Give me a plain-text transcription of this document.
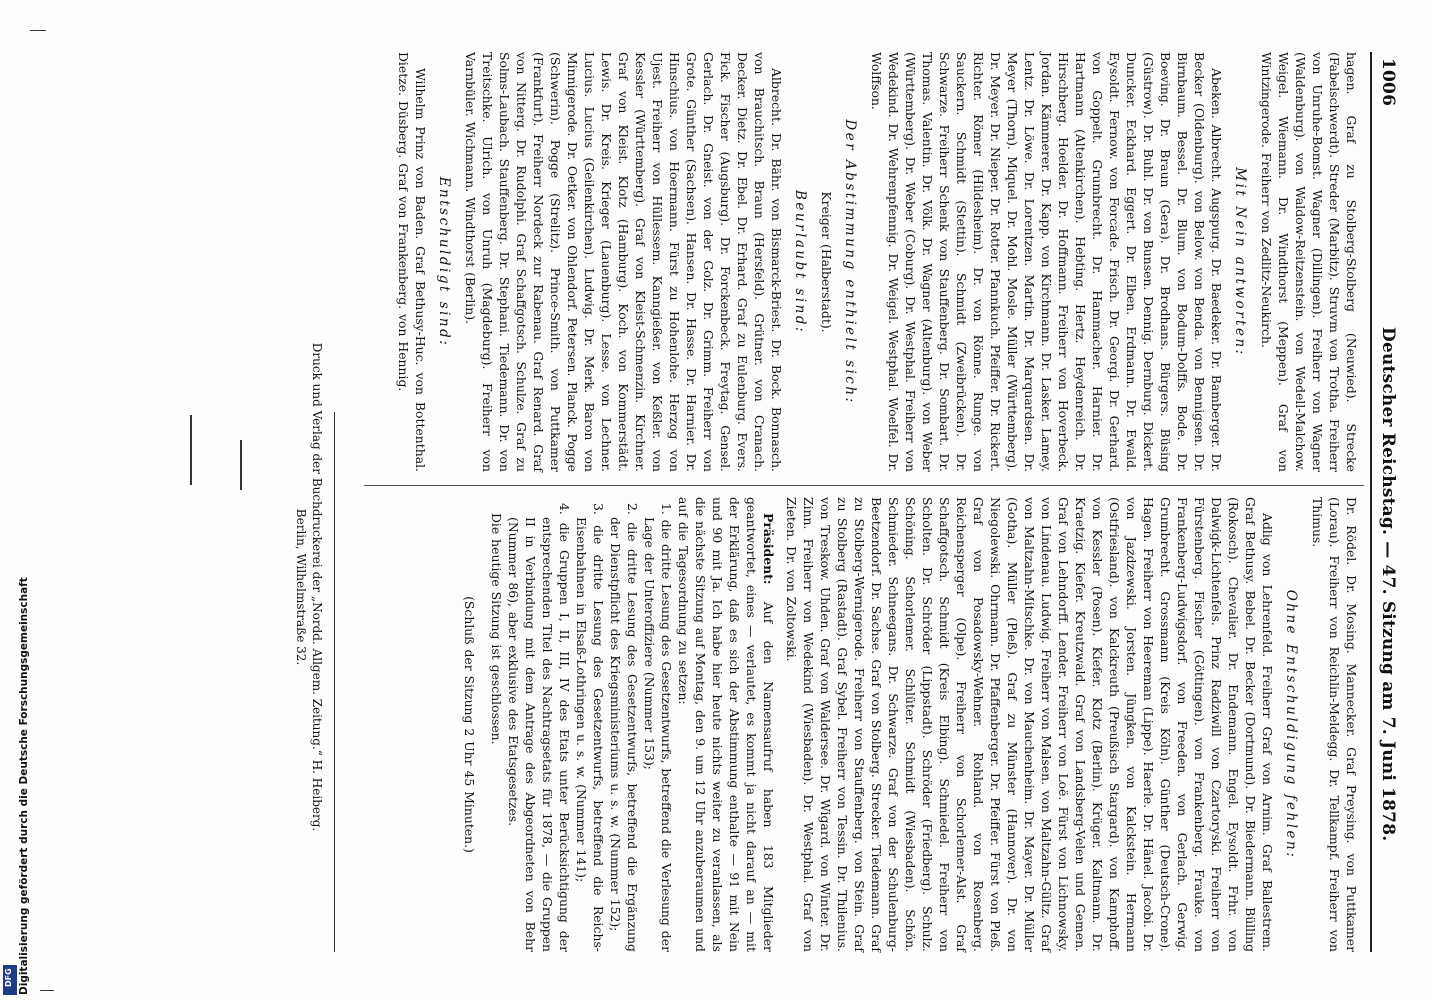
1006
Deutscher Reichstag. — 47. Sitzung am 7. Juni 1878.

hagen. Graf zu Stolberg-Stolberg (Neuwied). Strecke (Fabelschwerdt). Streder (Marbitz). Struvm von Trotha. Freiherr von Unruhe-Bomst. Wagner (Dillingen). Freiherr von Wagner (Waldenburg). von Waldow-Reitzenstein. von Wedell-Malchow. Weigel. Wiemann. Dr. Windthorst (Meppen). Graf von Wintzingerode. Freiherr von Zedlitz-Neukirch.

Mit Nein antworten:

Abeken. Albrecht. Augspurg. Dr. Baedeker. Dr. Bamberger. Dr. Becker (Oldenburg). von Below. von Benda. von Bennigsen. Dr. Birnbaum. Bessel. Dr. Blum. von Bodum-Dolffs. Bode. Dr. Boeving. Dr. Braun (Gera). Dr. Brodhans. Bürgers. Büsing (Güstrow). Dr. Buhl. Dr. von Bunsen. Dennig. Dernburg. Dickert. Duncker. Eckhard. Eggert. Dr. Elben. Erdmann. Dr. Ewald. Eysoldt. Fernow. von Forcade. Frisch. Dr. Georgi. Dr. Gerhard. von Goppelt. Grumbrecht. Dr. Hammacher. Harnier. Dr. Hartmann (Altenkirchen). Hebting. Hertz. Heydenreich. Dr. Hirschberg. Hoelder. Dr. Hoffmann. Freiherr von Hoverbeck. Jordan. Kämmerer. Dr. Kapp. von Kirchmann. Dr. Lasker. Lamey. Lentz. Dr. Löwe. Dr. Lorentzen. Martin. Dr. Marquardsen. Dr. Meyer (Thorn). Miquel. Dr. Mohl. Mosle. Müller (Württemberg). Dr. Meyer. Dr. Nieper. Dr. Rotter. Pfannkuch. Pfeiffer. Dr. Rickert. Richter. Römer (Hildesheim). Dr. von Rönne. Runge. von Sauckern. Schmidt (Stettin). Schmidt (Zweibrücken). Dr. Schwarze. Freiherr Schenk von Stauffenberg. Dr. Sombart. Dr. Thomas. Valentin. Dr. Völk. Dr. Wagner (Altenburg). von Weber (Württemberg). Dr. Weber (Coburg). Dr. Westphal. Freiherr von Wedekind. Dr. Wehrenpfennig. Dr. Weigel. Westphal. Woelfel. Dr. Wolffson.

Der Abstimmung enthielt sich:
Kreiger (Halberstadt).
Beurlaubt sind:

Albrecht. Dr. Bähr. von Bismarck-Briest. Dr. Bock. Bonnasch. von Brauchitsch. Braun (Hersfeld). Grütner. von Cranach. Decker. Dietz. Dr. Ebel. Dr. Erhard. Graf zu Eulenburg. Evers. Fick. Fischer (Augsburg). Dr. Forckenbeck. Freytag. Gensel. Gerlach. Dr. Gneist. von der Golz. Dr. Grimm. Freiherr von Grote. Günther (Sachsen). Hansen. Dr. Hasse. Dr. Harnier. Dr. Hinschius. von Hoermann. Fürst zu Hohenlohe. Herzog von Ujest. Freiherr von Hüllessem. Kanngießer. von Keßler. von Kessler (Württemberg). Graf von Kleist-Schmenzin. Kirchner. Graf von Kleist. Klotz (Hamburg). Koch. von Kommerstädt. Lewis. Dr. Kreis. Krieger (Lauenburg). Lesse. von Lechner. Lucius. Lucius (Geilenkirchen). Ludwig. Dr. Merk. Baron von Minnigerode. Dr. Oetker. von Ohlendorf. Petersen. Planck. Pogge (Schwerin). Pogge (Strelitz). Prince-Smith. von Puttkamer (Frankfurt). Freiherr Nordeck zur Rabenau. Graf Renard. Graf von Nitterg. Dr. Rudolphi. Graf Schaffgotsch. Schulze. Graf zu Solms-Laubach. Stauffenberg. Dr. Stephani. Tiedemann. Dr. von Treitschke. Ulrich. von Unruh (Magdeburg). Freiherr von Varnbüler. Wichmann. Windthorst (Berlin).

Entschuldigt sind:

Wilhelm Prinz von Baden. Graf Bethusy-Huc. von Bottenthal. Dietze. Düsberg. Graf von Frankenberg. von Hennig.

Dr. Rödel. Dr. Mosing. Mannecker. Graf Preysing. von Puttkamer (Lorau). Freiherr von Reichlin-Meldegg. Dr. Tellkampf. Freiherr von Thimus.

Ohne Entschuldigung fehlen:

Adlig von Lehrenfeld. Freiherr Graf von Arnim. Graf Ballestrem. Graf Bethusy. Bebel. Dr. Becker (Dortmund). Dr. Biedermann. Bülling (Rokosch). Chevalier. Dr. Endemann. Engel. Eysoldt. Frhr. von Dalwigk-Lichtenfels. Prinz Radziwill von Czartoryski. Freiherr von Fürstenberg. Fischer (Göttingen). von Frankenberg. Frauke. von Frankenberg-Ludwigsdorf. von Freeden. von Gerlach. Gerwig. Grumbrecht. Grossmann (Kreis Köln). Günther (Deutsch-Crone). Hagen. Freiherr von Heereman (Lippe). Haerle. Dr. Hänel. Jacobi. Dr. von Jazdzewski. Jorsten. Jüngken. von Kalckstein. Hermann (Ostfriesland). von Kalckreuth (Preußisch Stargard). von Kamphoff. von Kessler (Posen). Kiefer. Klotz (Berlin). Krüger. Kaltmann. Dr. Kraetzig. Kiefer. Kreutzwald. Graf von Landsberg-Velen und Gemen. Graf von Lehndorff. Lender. Freiherr von Loë. Fürst von Lichnowsky. von Lindenau. Ludwig. Freiherr von Malsen. von Maltzahn-Gültz. Graf von Maltzahn-Mitschke. Dr. von Mauchenheim. Dr. Mayer. Dr. Müller (Gotha). Müller (Pleß). Graf zu Münster (Hannover). Dr. von Niegolewski. Ohrmann. Dr. Pfaffenberger. Dr. Pfeiffer. Fürst von Pleß. Graf von Posadowsky-Wehner. Rohland. von Rosenberg. Reichensperger (Olpe). Freiherr von Schorlemer-Alst. Graf Schaffgotsch. Schmidt (Kreis Elbing). Schmiedel. Freiherr von Scholten. Dr. Schröder (Lippstadt). Schröder (Friedberg). Schulz. Schöning. Schorlemer. Schlüter. Schmidt (Wiesbaden). Schön. Schmieder. Schneegans. Dr. Schwarze. Graf von der Schulenburg-Beetzendorf. Dr. Sachse. Graf von Stolberg. Strecker. Tiedemann. Graf zu Stolberg-Wernigerode. Freiherr von Stauffenberg. von Stein. Graf zu Stolberg (Rastadt). Graf Sybel. Freiherr von Tessin. Dr. Thilenius. von Treskow. Uhden. Graf von Waldersee. Dr. Wigard. von Winter. Dr. Zinn. Freiherr von Wedekind (Wiesbaden). Dr. Westphal. Graf von Zieten. Dr. von Zoltowski.

Präsident: Auf den Namensaufruf haben 183 Mitglieder geantwortet, eines — verlautet, es kommt ja nicht darauf an — mit der Erklärung, daß es sich der Abstimmung enthalte — 91 mit Nein und 90 mit Ja. Ich habe hier heute nichts weiter zu veranlassen, als die nächste Sitzung auf Montag, den 9. um 12 Uhr anzuberaumen und auf die Tagesordnung zu setzen:

1. die dritte Lesung des Gesetzentwurfs, betreffend die Verlesung der Lage der Unteroffiziere (Nummer 153);

2. die dritte Lesung des Gesetzentwurfs, betreffend die Ergänzung der Dienstpflicht des Kriegsministeriums u. s. w. (Nummer 152);

3. die dritte Lesung des Gesetzentwurfs, betreffend die Reichs-Eisenbahnen in Elsaß-Lothringen u. s. w. (Nummer 141);

4. die Gruppen I, II, III, IV des Etats unter Berücksichtigung der entsprechenden Titel des Nachtragsetats für 1878, — die Gruppen II in Verbindung mit dem Antrage des Abgeordneten von Behr (Nummer 86), aber exklusive des Etatsgesetzes.

Die heutige Sitzung ist geschlossen.

(Schluß der Sitzung 2 Uhr 45 Minuten.)
Druck und Verlag der Buchdruckerei der „Nordd. Allgem. Zeitung.“ H. Heiberg.
Berlin, Wilhelmstraße 32.
Digitalisierung gefördert durch die Deutsche Forschungsgemeinschaft
DFG
